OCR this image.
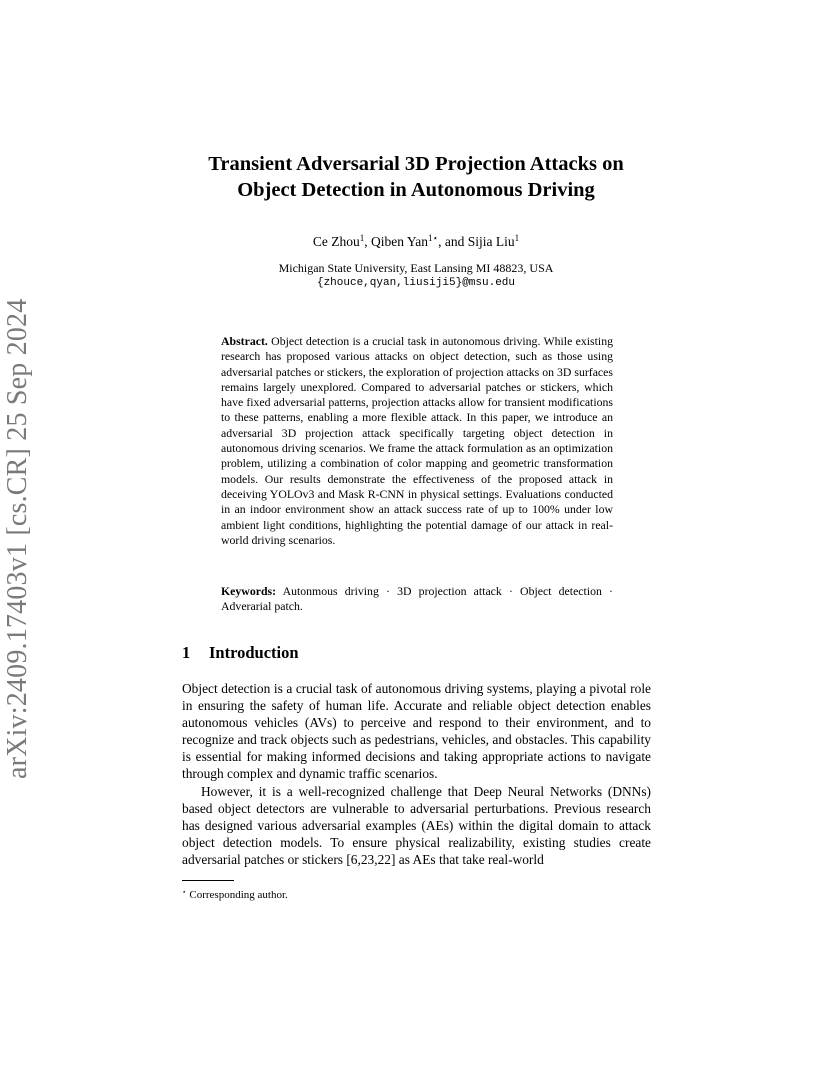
arXiv:2409.17403v1 [cs.CR] 25 Sep 2024
Transient Adversarial 3D Projection Attacks on
Object Detection in Autonomous Driving
Ce Zhou$^1$, Qiben Yan$^{1⋆}$, and Sijia Liu$^1$
Michigan State University, East Lansing MI 48823, USA
{zhouce,qyan,liusiji5}@msu.edu
Abstract. Object detection is a crucial task in autonomous driving. While existing research has proposed various attacks on object detection, such as those using adversarial patches or stickers, the exploration of projection attacks on 3D surfaces remains largely unexplored. Compared to adversarial patches or stickers, which have fixed adversarial patterns, projection attacks allow for transient modifications to these patterns, enabling a more flexible attack. In this paper, we introduce an adversarial 3D projection attack specifically targeting object detection in autonomous driving scenarios. We frame the attack formulation as an optimization problem, utilizing a combination of color mapping and geometric transformation models. Our results demonstrate the effectiveness of the proposed attack in deceiving YOLOv3 and Mask R-CNN in physical settings. Evaluations conducted in an indoor environment show an attack success rate of up to 100% under low ambient light conditions, highlighting the potential damage of our attack in real-world driving scenarios.
Keywords: Autonmous driving · 3D projection attack · Object detection · Adverarial patch.
1 Introduction

Object detection is a crucial task of autonomous driving systems, playing a pivotal role in ensuring the safety of human life. Accurate and reliable object detection enables autonomous vehicles (AVs) to perceive and respond to their environment, and to recognize and track objects such as pedestrians, vehicles, and obstacles. This capability is essential for making informed decisions and taking appropriate actions to navigate through complex and dynamic traffic scenarios.

However, it is a well-recognized challenge that Deep Neural Networks (DNNs) based object detectors are vulnerable to adversarial perturbations. Previous research has designed various adversarial examples (AEs) within the digital domain to attack object detection models. To ensure physical realizability, existing studies create adversarial patches or stickers [6,23,22] as AEs that take real-world

⋆ Corresponding author.
